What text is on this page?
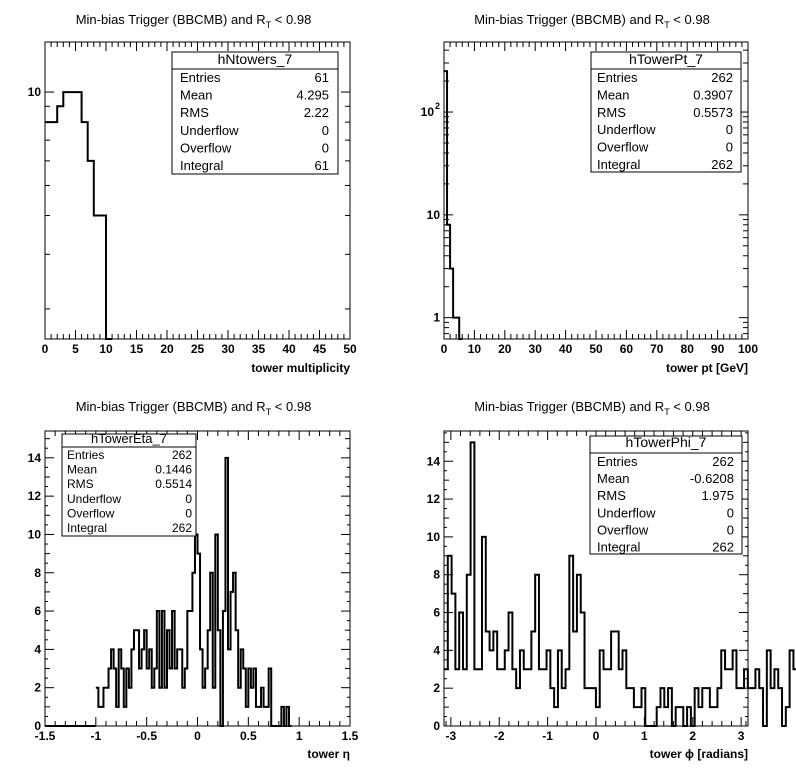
Min-bias Trigger (BBCMB) and $R_T < 0.98$
0 5 10 15 20 25 30 35 40 45 50
10
tower multiplicity
hNtowers_7
Entries	61
Mean	4.295
RMS	2.22
Underflow	0
Overflow	0
Integral	61
Min-bias Trigger (BBCMB) and $R_T < 0.98$
0 10 20 30 40 50 60 70 80 90 100
1
10
10 2
tower pt [GeV]
hTowerPt_7
Entries	262
Mean	0.3907
RMS	0.5573
Underflow	0
Overflow	0
Integral	262
Min-bias Trigger (BBCMB) and $R_T < 0.98$
-1.5	-1	-0.5	0	0.5	1	1.5
0
2
4
6
8
10
12
14
tower η
hTowerEta_7
Entries	262
Mean	0.1446
RMS	0.5514
Underflow	0
Overflow	0
Integral	262
Min-bias Trigger (BBCMB) and $R_T < 0.98$
-3	-2	-1	0	1	2	3
0
2
4
6
8
10
12
14
tower ϕ [radians]
hTowerPhi_7
Entries	262
Mean	-0.6208
RMS	1.975
Underflow	0
Overflow	0
Integral	262
